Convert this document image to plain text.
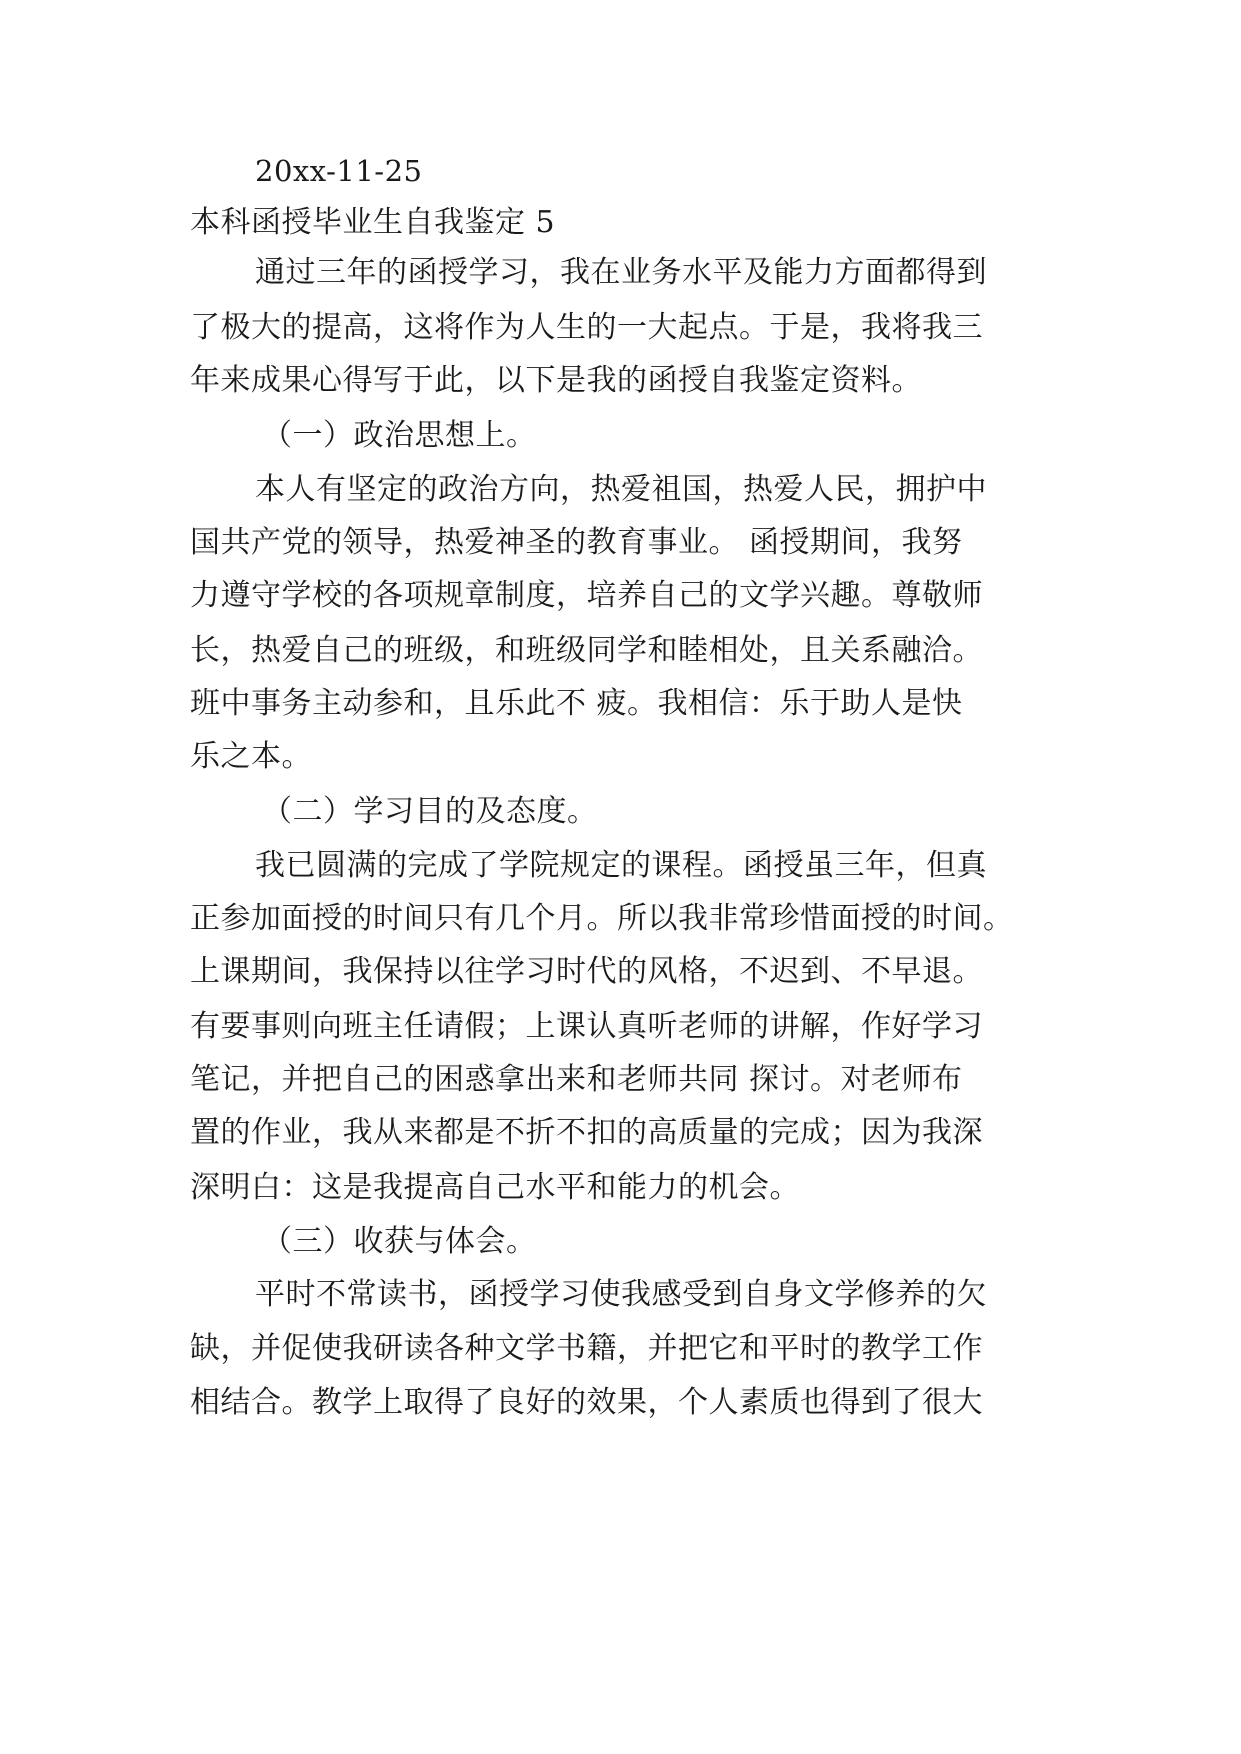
20xx-11-25
本科函授毕业生自我鉴定 5
通过三年的函授学习，我在业务水平及能力方面都得到
了极大的提高，这将作为人生的一大起点。于是，我将我三
年来成果心得写于此，以下是我的函授自我鉴定资料。
（一）政治思想上。
本人有坚定的政治方向，热爱祖国，热爱人民，拥护中
国共产党的领导，热爱神圣的教育事业。 函授期间，我努
力遵守学校的各项规章制度，培养自己的文学兴趣。尊敬师
长，热爱自己的班级，和班级同学和睦相处，且关系融洽。
班中事务主动参和，且乐此不 疲。我相信：乐于助人是快
乐之本。
（二）学习目的及态度。
我已圆满的完成了学院规定的课程。函授虽三年，但真
正参加面授的时间只有几个月。所以我非常珍惜面授的时间。
上课期间，我保持以往学习时代的风格，不迟到、不早退。
有要事则向班主任请假；上课认真听老师的讲解，作好学习
笔记，并把自己的困惑拿出来和老师共同 探讨。对老师布
置的作业，我从来都是不折不扣的高质量的完成；因为我深
深明白：这是我提高自己水平和能力的机会。
（三）收获与体会。
平时不常读书，函授学习使我感受到自身文学修养的欠
缺，并促使我研读各种文学书籍，并把它和平时的教学工作
相结合。教学上取得了良好的效果，个人素质也得到了很大
